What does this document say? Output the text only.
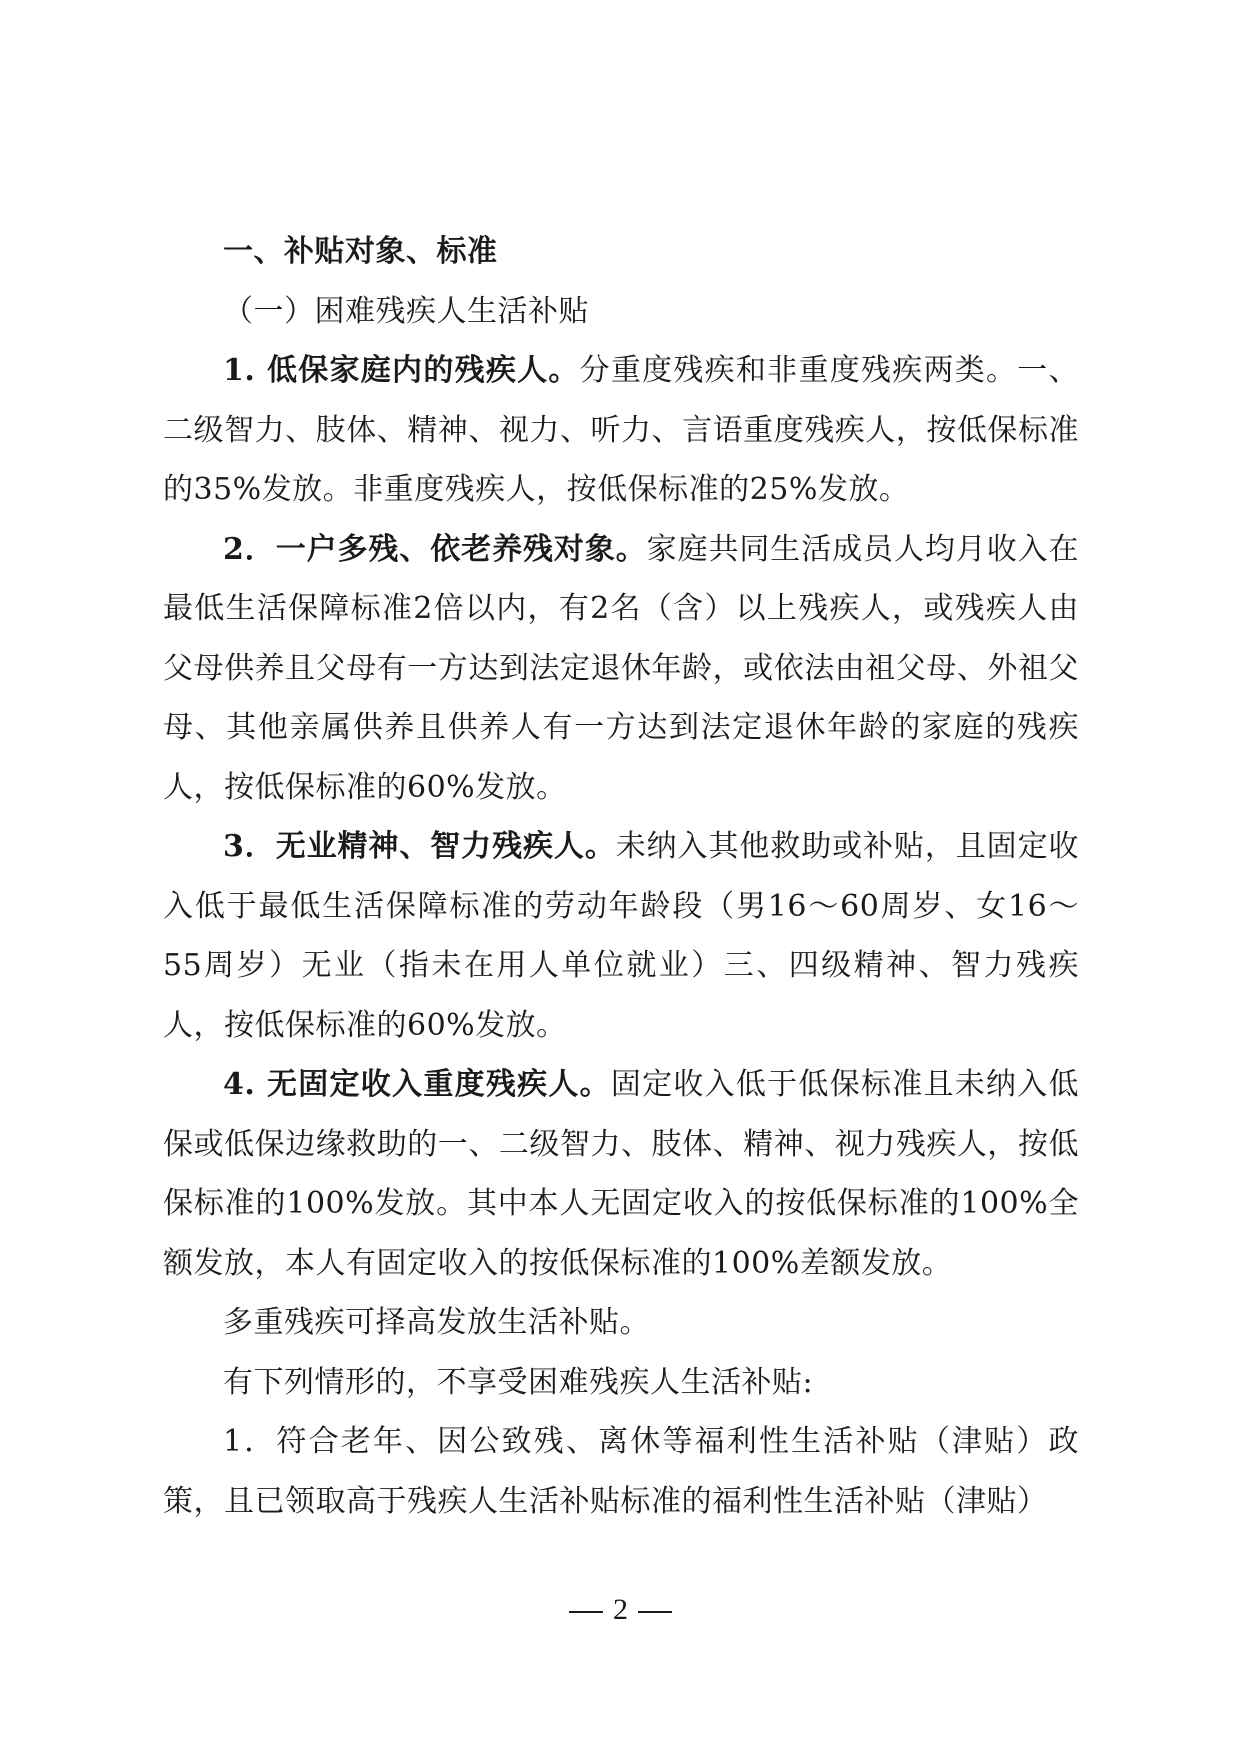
一、补贴对象、标准

（一）困难残疾人生活补贴

1. 低保家庭内的残疾人。分重度残疾和非重度残疾两类。一、二级智力、肢体、精神、视力、听力、言语重度残疾人，按低保标准的35%发放。非重度残疾人，按低保标准的25%发放。

2．一户多残、依老养残对象。家庭共同生活成员人均月收入在最低生活保障标准2倍以内，有2名（含）以上残疾人，或残疾人由父母供养且父母有一方达到法定退休年龄，或依法由祖父母、外祖父母、其他亲属供养且供养人有一方达到法定退休年龄的家庭的残疾人，按低保标准的60%发放。

3．无业精神、智力残疾人。未纳入其他救助或补贴，且固定收入低于最低生活保障标准的劳动年龄段（男16～60周岁、女16～55周岁）无业（指未在用人单位就业）三、四级精神、智力残疾人，按低保标准的60%发放。

4. 无固定收入重度残疾人。固定收入低于低保标准且未纳入低保或低保边缘救助的一、二级智力、肢体、精神、视力残疾人，按低保标准的100%发放。其中本人无固定收入的按低保标准的100%全额发放，本人有固定收入的按低保标准的100%差额发放。

多重残疾可择高发放生活补贴。

有下列情形的，不享受困难残疾人生活补贴:

1．符合老年、因公致残、离休等福利性生活补贴（津贴）政策，且已领取高于残疾人生活补贴标准的福利性生活补贴（津贴）

2
